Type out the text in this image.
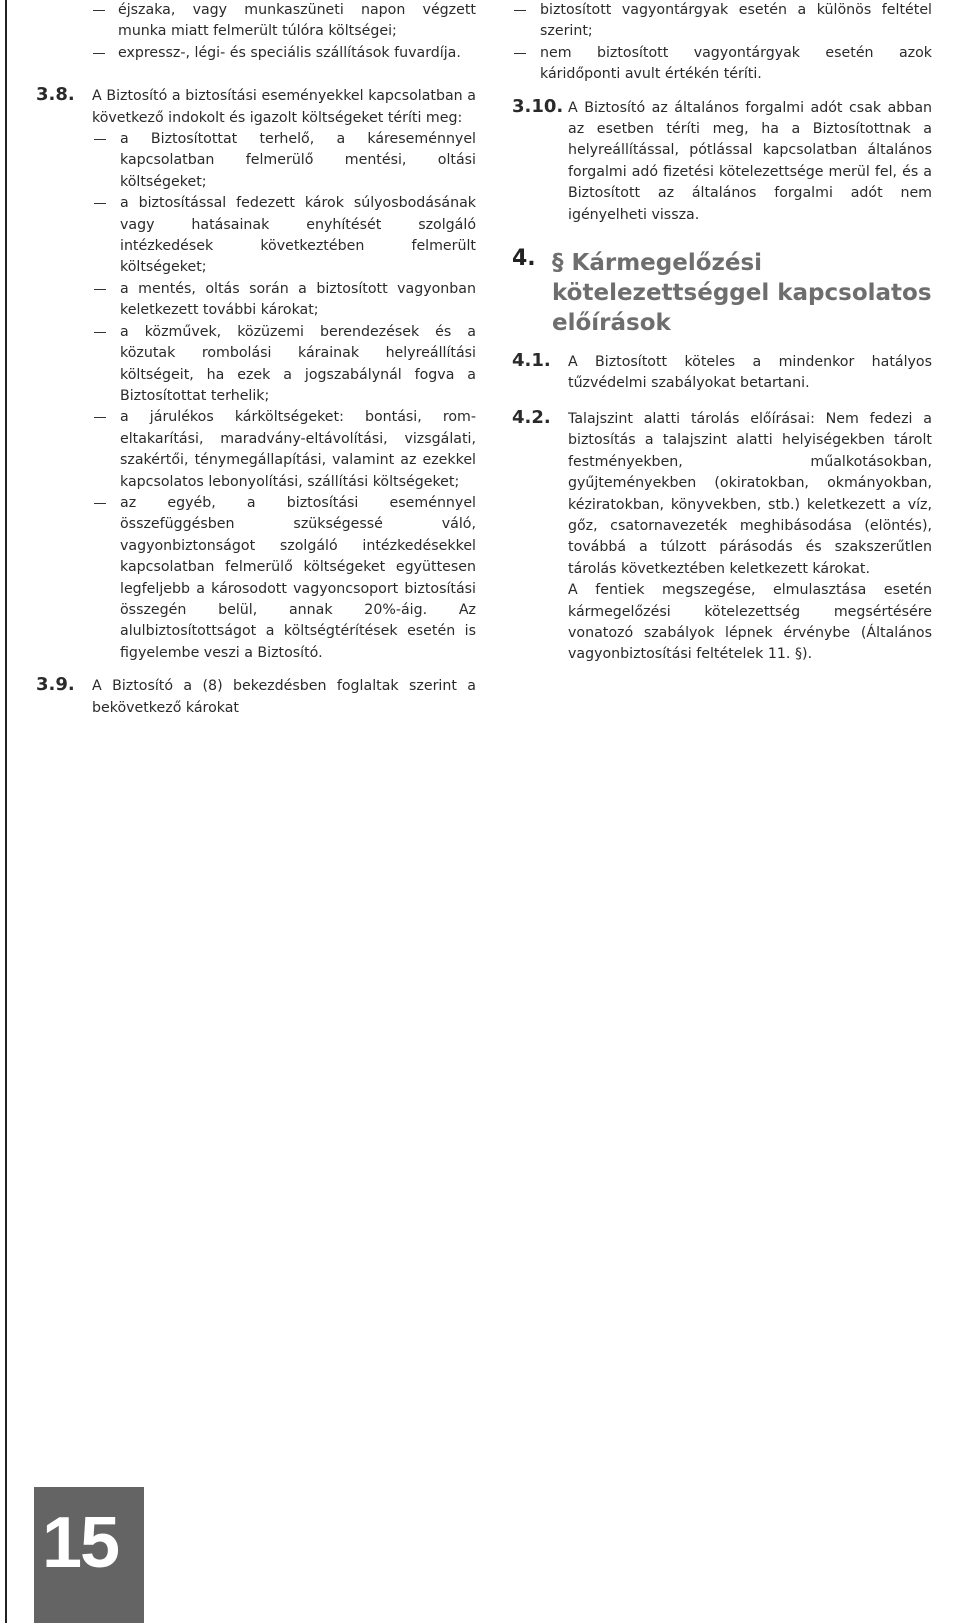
éjszaka, vagy munkaszüneti napon végzett munka miatt felmerült túlóra költségei;
expressz-, légi- és speciális szállítások fuvardíja.
3.8. A Biztosító a biztosítási eseményekkel kapcsolatban a következő indokolt és igazolt költségeket téríti meg:
a Biztosítottat terhelő, a káreseménnyel kapcsolatban felmerülő mentési, oltási költségeket;
a biztosítással fedezett károk súlyosbodásának vagy hatásainak enyhítését szolgáló intézkedések következtében felmerült költségeket;
a mentés, oltás során a biztosított vagyonban keletkezett további károkat;
a közművek, közüzemi berendezések és a közutak rombolási kárainak helyreállítási költségeit, ha ezek a jogszabálynál fogva a Biztosítottat terhelik;
a járulékos kárköltségeket: bontási, rom-eltakarítási, maradvány-eltávolítási, vizsgálati, szakértői, ténymegállapítási, valamint az ezekkel kapcsolatos lebonyolítási, szállítási költségeket;
az egyéb, a biztosítási eseménnyel összefüggésben szükségessé váló, vagyonbiztonságot szolgáló intézkedésekkel kapcsolatban felmerülő költségeket együttesen legfeljebb a károsodott vagyoncsoport biztosítási összegén belül, annak 20%-áig. Az alulbiztosítottságot a költségtérítések esetén is figyelembe veszi a Biztosító.
3.9. A Biztosító a (8) bekezdésben foglaltak szerint a bekövetkező károkat
biztosított vagyontárgyak esetén a különös feltétel szerint;
nem biztosított vagyontárgyak esetén azok káridőponti avult értékén téríti.
3.10. A Biztosító az általános forgalmi adót csak abban az esetben téríti meg, ha a Biztosítottnak a helyreállítással, pótlással kapcsolatban általános forgalmi adó fizetési kötelezettsége merül fel, és a Biztosított az általános forgalmi adót nem igényelheti vissza.
4. § Kármegelőzési kötelezettséggel kapcsolatos előírások
4.1. A Biztosított köteles a mindenkor hatályos tűzvédelmi szabályokat betartani.
4.2. Talajszint alatti tárolás előírásai: Nem fedezi a biztosítás a talajszint alatti helyiségekben tárolt festményekben, műalkotásokban, gyűjteményekben (okiratokban, okmányokban, kéziratokban, könyvekben, stb.) keletkezett a víz, gőz, csatornavezeték meghibásodása (elöntés), továbbá a túlzott párásodás és szakszerűtlen tárolás következtében keletkezett károkat.
A fentiek megszegése, elmulasztása esetén kármegelőzési kötelezettség megsértésére vonatozó szabályok lépnek érvénybe (Általános vagyonbiztosítási feltételek 11. §).
15
